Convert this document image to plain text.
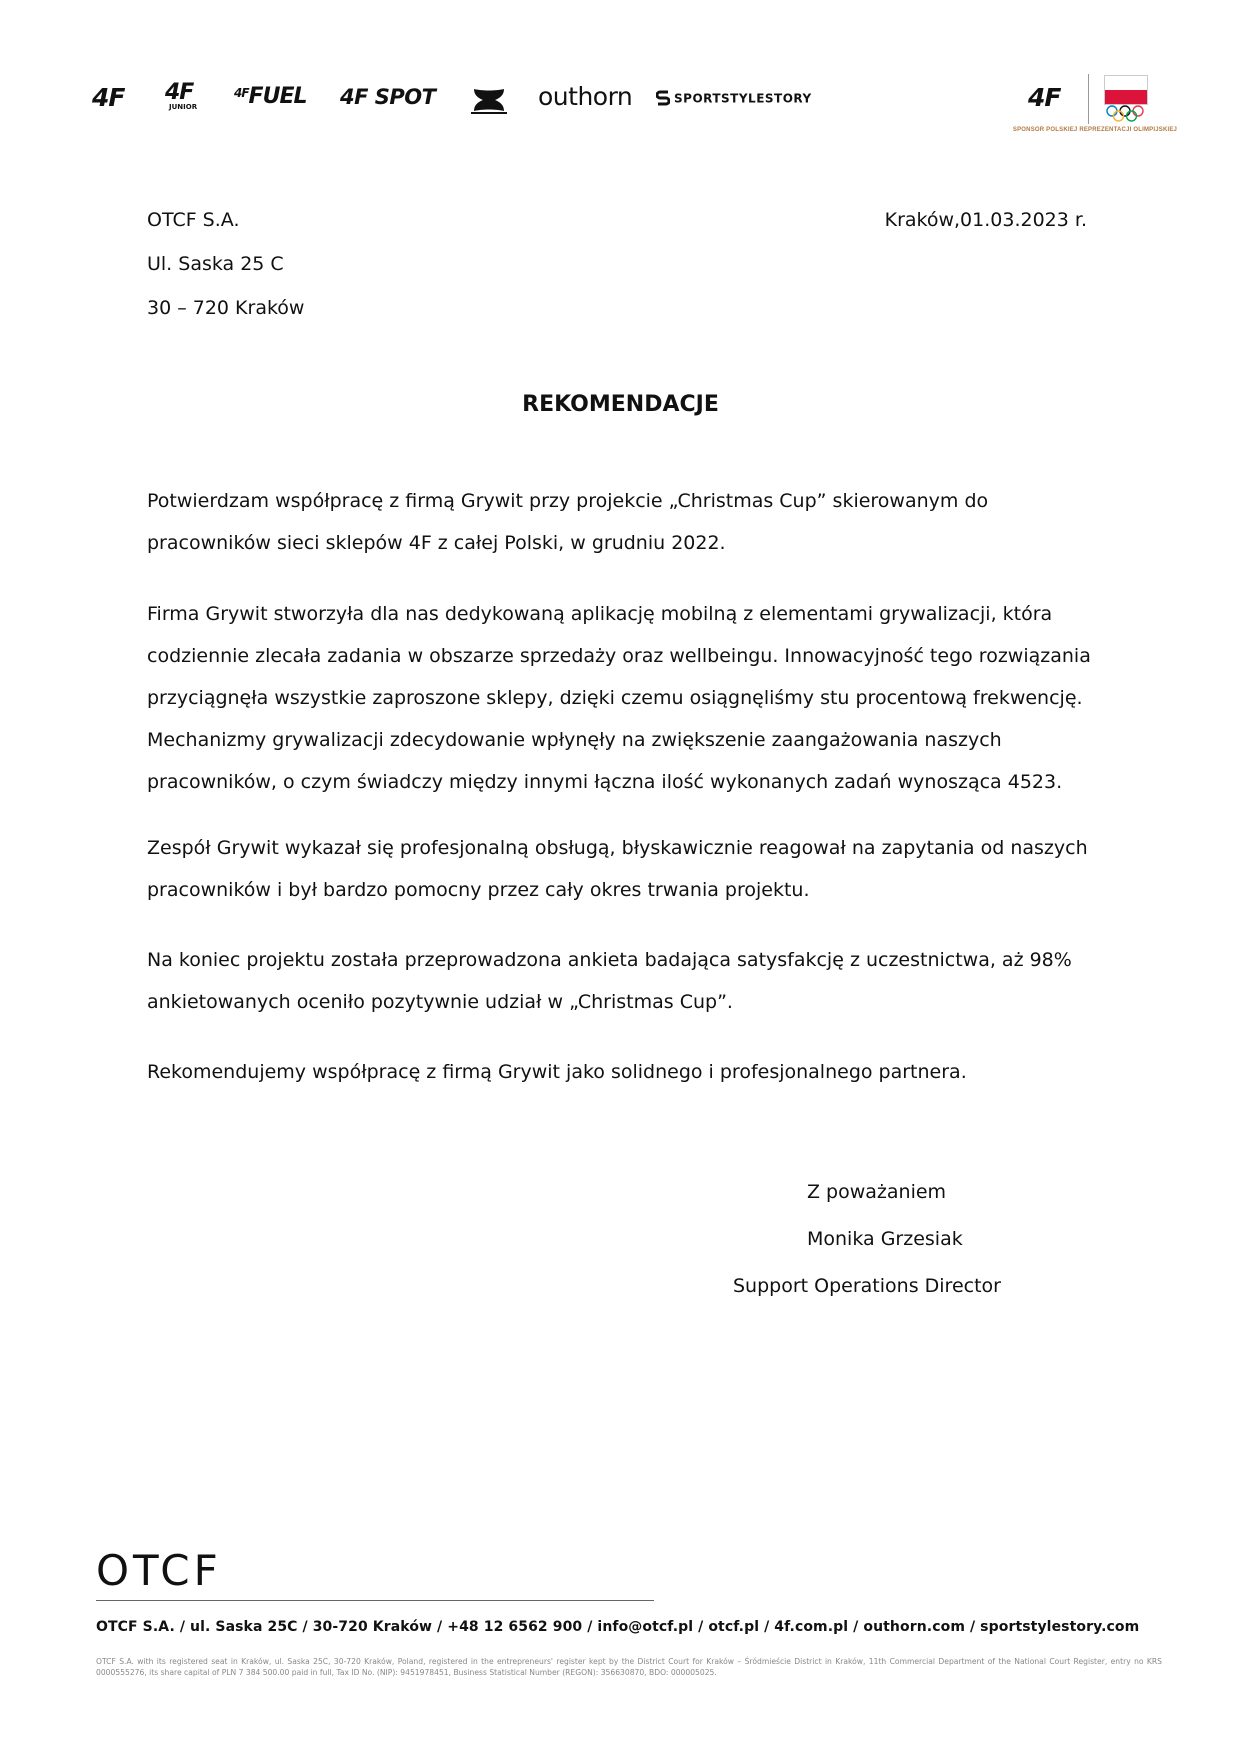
4F 4F
JUNIOR
$^{4F}$FUEL 4F SPOT	outhorn	SPORTSTYLESTORY	4F
SPONSOR POLSKIEJ REPREZENTACJI OLIMPIJSKIEJ
OTCF S.A.
Ul. Saska 25 C
30 – 720 Kraków
Kraków,01.03.2023 r.
REKOMENDACJE
Potwierdzam współpracę z firmą Grywit przy projekcie „Christmas Cup” skierowanym do
pracowników sieci sklepów 4F z całej Polski, w grudniu 2022.
Firma Grywit stworzyła dla nas dedykowaną aplikację mobilną z elementami grywalizacji, która
codziennie zlecała zadania w obszarze sprzedaży oraz wellbeingu. Innowacyjność tego rozwiązania
przyciągnęła wszystkie zaproszone sklepy, dzięki czemu osiągnęliśmy stu procentową frekwencję.
Mechanizmy grywalizacji zdecydowanie wpłynęły na zwiększenie zaangażowania naszych
pracowników, o czym świadczy między innymi łączna ilość wykonanych zadań wynosząca 4523.
Zespół Grywit wykazał się profesjonalną obsługą, błyskawicznie reagował na zapytania od naszych
pracowników i był bardzo pomocny przez cały okres trwania projektu.
Na koniec projektu została przeprowadzona ankieta badająca satysfakcję z uczestnictwa, aż 98%
ankietowanych oceniło pozytywnie udział w „Christmas Cup”.
Rekomendujemy współpracę z firmą Grywit jako solidnego i profesjonalnego partnera.
Z poważaniem
Monika Grzesiak
Support Operations Director
OTCF
OTCF S.A. / ul. Saska 25C / 30-720 Kraków / +48 12 6562 900 / info@otcf.pl / otcf.pl / 4f.com.pl / outhorn.com / sportstylestory.com
OTCF S.A. with its registered seat in Kraków, ul. Saska 25C, 30-720 Kraków, Poland, registered in the entrepreneurs' register kept by the District Court for Kraków – Śródmieście District in Kraków, 11th Commercial Department of the National Court Register, entry no KRS 0000555276, its share capital of PLN 7 384 500.00 paid in full, Tax ID No. (NIP): 9451978451, Business Statistical Number (REGON): 356630870, BDO: 000005025.
